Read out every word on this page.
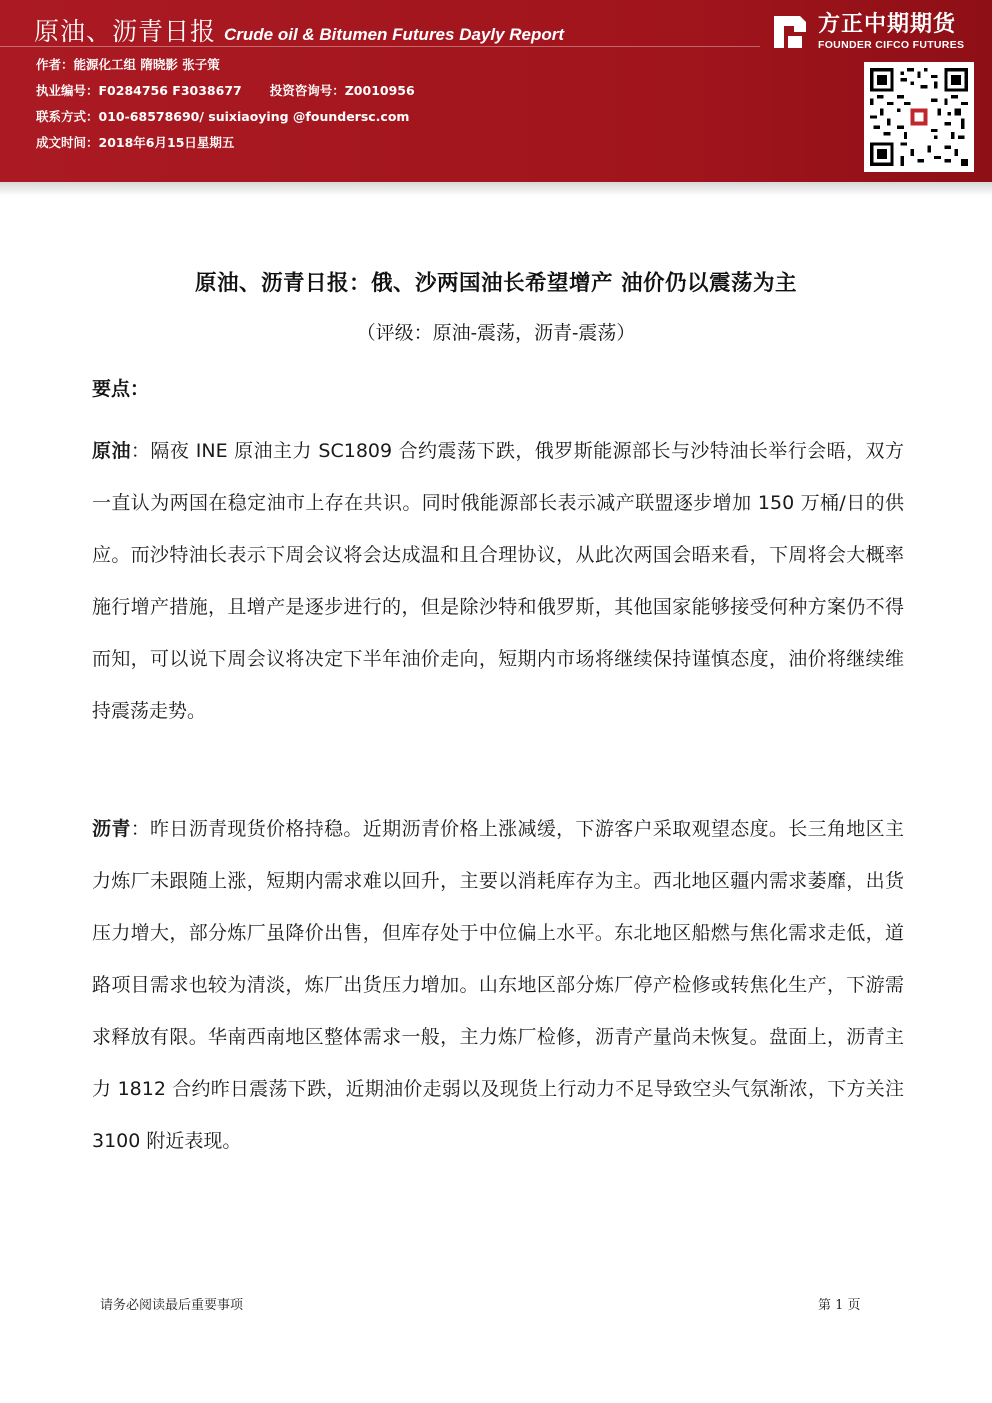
原油、沥青日报 Crude oil & Bitumen Futures Dayly Report
作者：能源化工组 隋晓影 张子策
执业编号：F0284756 F3038677 投资咨询号：Z0010956
联系方式：010-68578690/ suixiaoying @foundersc.com
成文时间：2018年6月15日星期五
方正中期期货
FOUNDER CIFCO FUTURES
原油、沥青日报：俄、沙两国油长希望增产 油价仍以震荡为主
（评级：原油-震荡，沥青-震荡）
要点：
原油：隔夜 INE 原油主力 SC1809 合约震荡下跌，俄罗斯能源部长与沙特油长举行会晤，双方一直认为两国在稳定油市上存在共识。同时俄能源部长表示减产联盟逐步增加 150 万桶/日的供应。而沙特油长表示下周会议将会达成温和且合理协议，从此次两国会晤来看，下周将会大概率施行增产措施，且增产是逐步进行的，但是除沙特和俄罗斯，其他国家能够接受何种方案仍不得而知，可以说下周会议将决定下半年油价走向，短期内市场将继续保持谨慎态度，油价将继续维持震荡走势。
沥青：昨日沥青现货价格持稳。近期沥青价格上涨减缓，下游客户采取观望态度。长三角地区主力炼厂未跟随上涨，短期内需求难以回升，主要以消耗库存为主。西北地区疆内需求萎靡，出货压力增大，部分炼厂虽降价出售，但库存处于中位偏上水平。东北地区船燃与焦化需求走低，道路项目需求也较为清淡，炼厂出货压力增加。山东地区部分炼厂停产检修或转焦化生产，下游需求释放有限。华南西南地区整体需求一般，主力炼厂检修，沥青产量尚未恢复。盘面上，沥青主力 1812 合约昨日震荡下跌，近期油价走弱以及现货上行动力不足导致空头气氛渐浓，下方关注 3100 附近表现。
请务必阅读最后重要事项	第 1 页
